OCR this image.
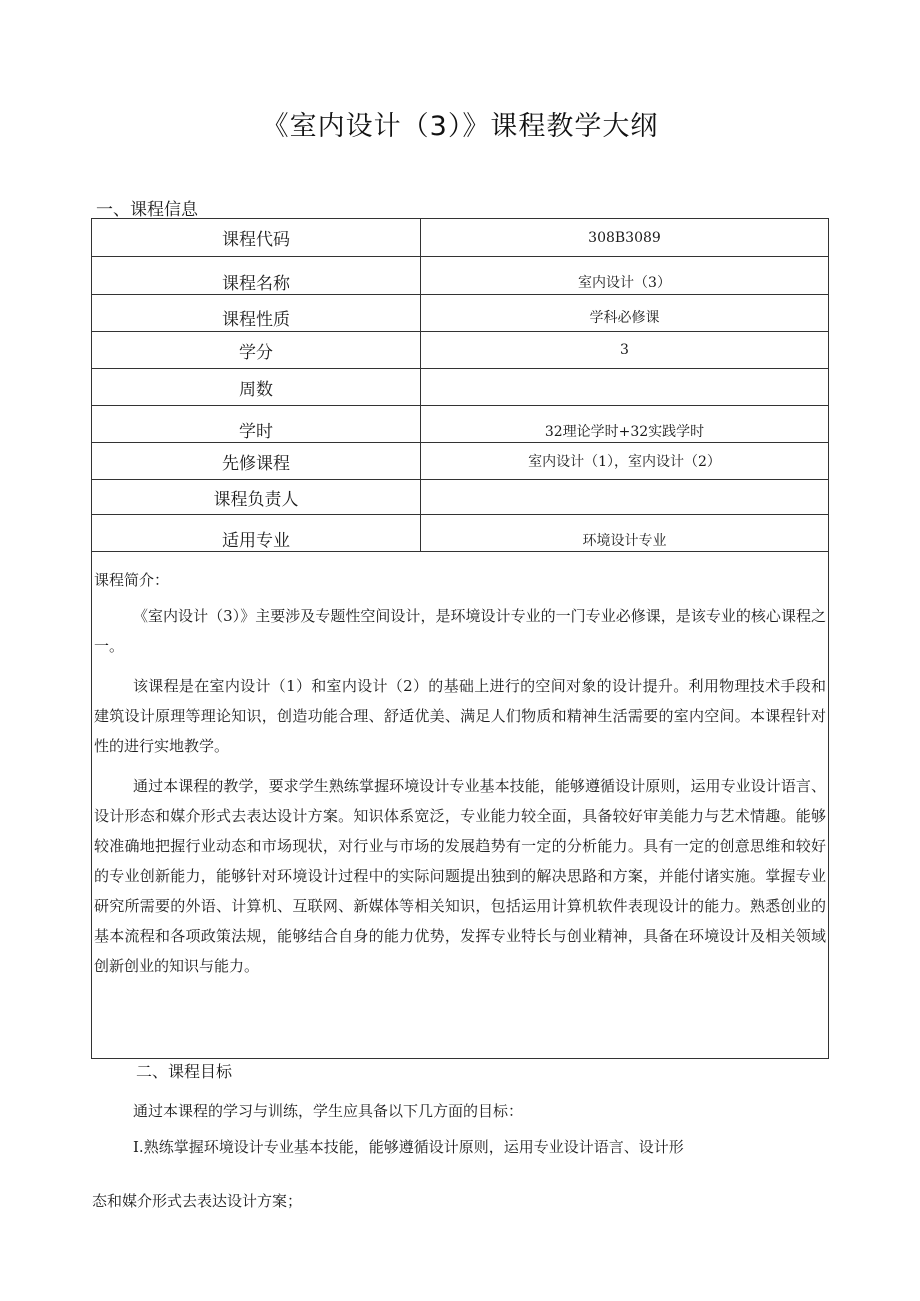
《室内设计（3）》课程教学大纲
一、课程信息
课程代码	308B3089
课程名称	室内设计（3）
课程性质	学科必修课
学分	3
周数	
学时	32理论学时+32实践学时
先修课程	室内设计（1），室内设计（2）
课程负责人	
适用专业	环境设计专业
课程简介：

《室内设计（3）》主要涉及专题性空间设计，是环境设计专业的一门专业必修课，是该专业的核心课程之一。

该课程是在室内设计（1）和室内设计（2）的基础上进行的空间对象的设计提升。利用物理技术手段和建筑设计原理等理论知识，创造功能合理、舒适优美、满足人们物质和精神生活需要的室内空间。本课程针对性的进行实地教学。

通过本课程的教学，要求学生熟练掌握环境设计专业基本技能，能够遵循设计原则，运用专业设计语言、设计形态和媒介形式去表达设计方案。知识体系宽泛，专业能力较全面，具备较好审美能力与艺术情趣。能够较准确地把握行业动态和市场现状，对行业与市场的发展趋势有一定的分析能力。具有一定的创意思维和较好的专业创新能力，能够针对环境设计过程中的实际问题提出独到的解决思路和方案，并能付诸实施。掌握专业研究所需要的外语、计算机、互联网、新媒体等相关知识，包括运用计算机软件表现设计的能力。熟悉创业的基本流程和各项政策法规，能够结合自身的能力优势，发挥专业特长与创业精神，具备在环境设计及相关领域创新创业的知识与能力。

二、课程目标
通过本课程的学习与训练，学生应具备以下几方面的目标：
I.熟练掌握环境设计专业基本技能，能够遵循设计原则，运用专业设计语言、设计形
态和媒介形式去表达设计方案；
